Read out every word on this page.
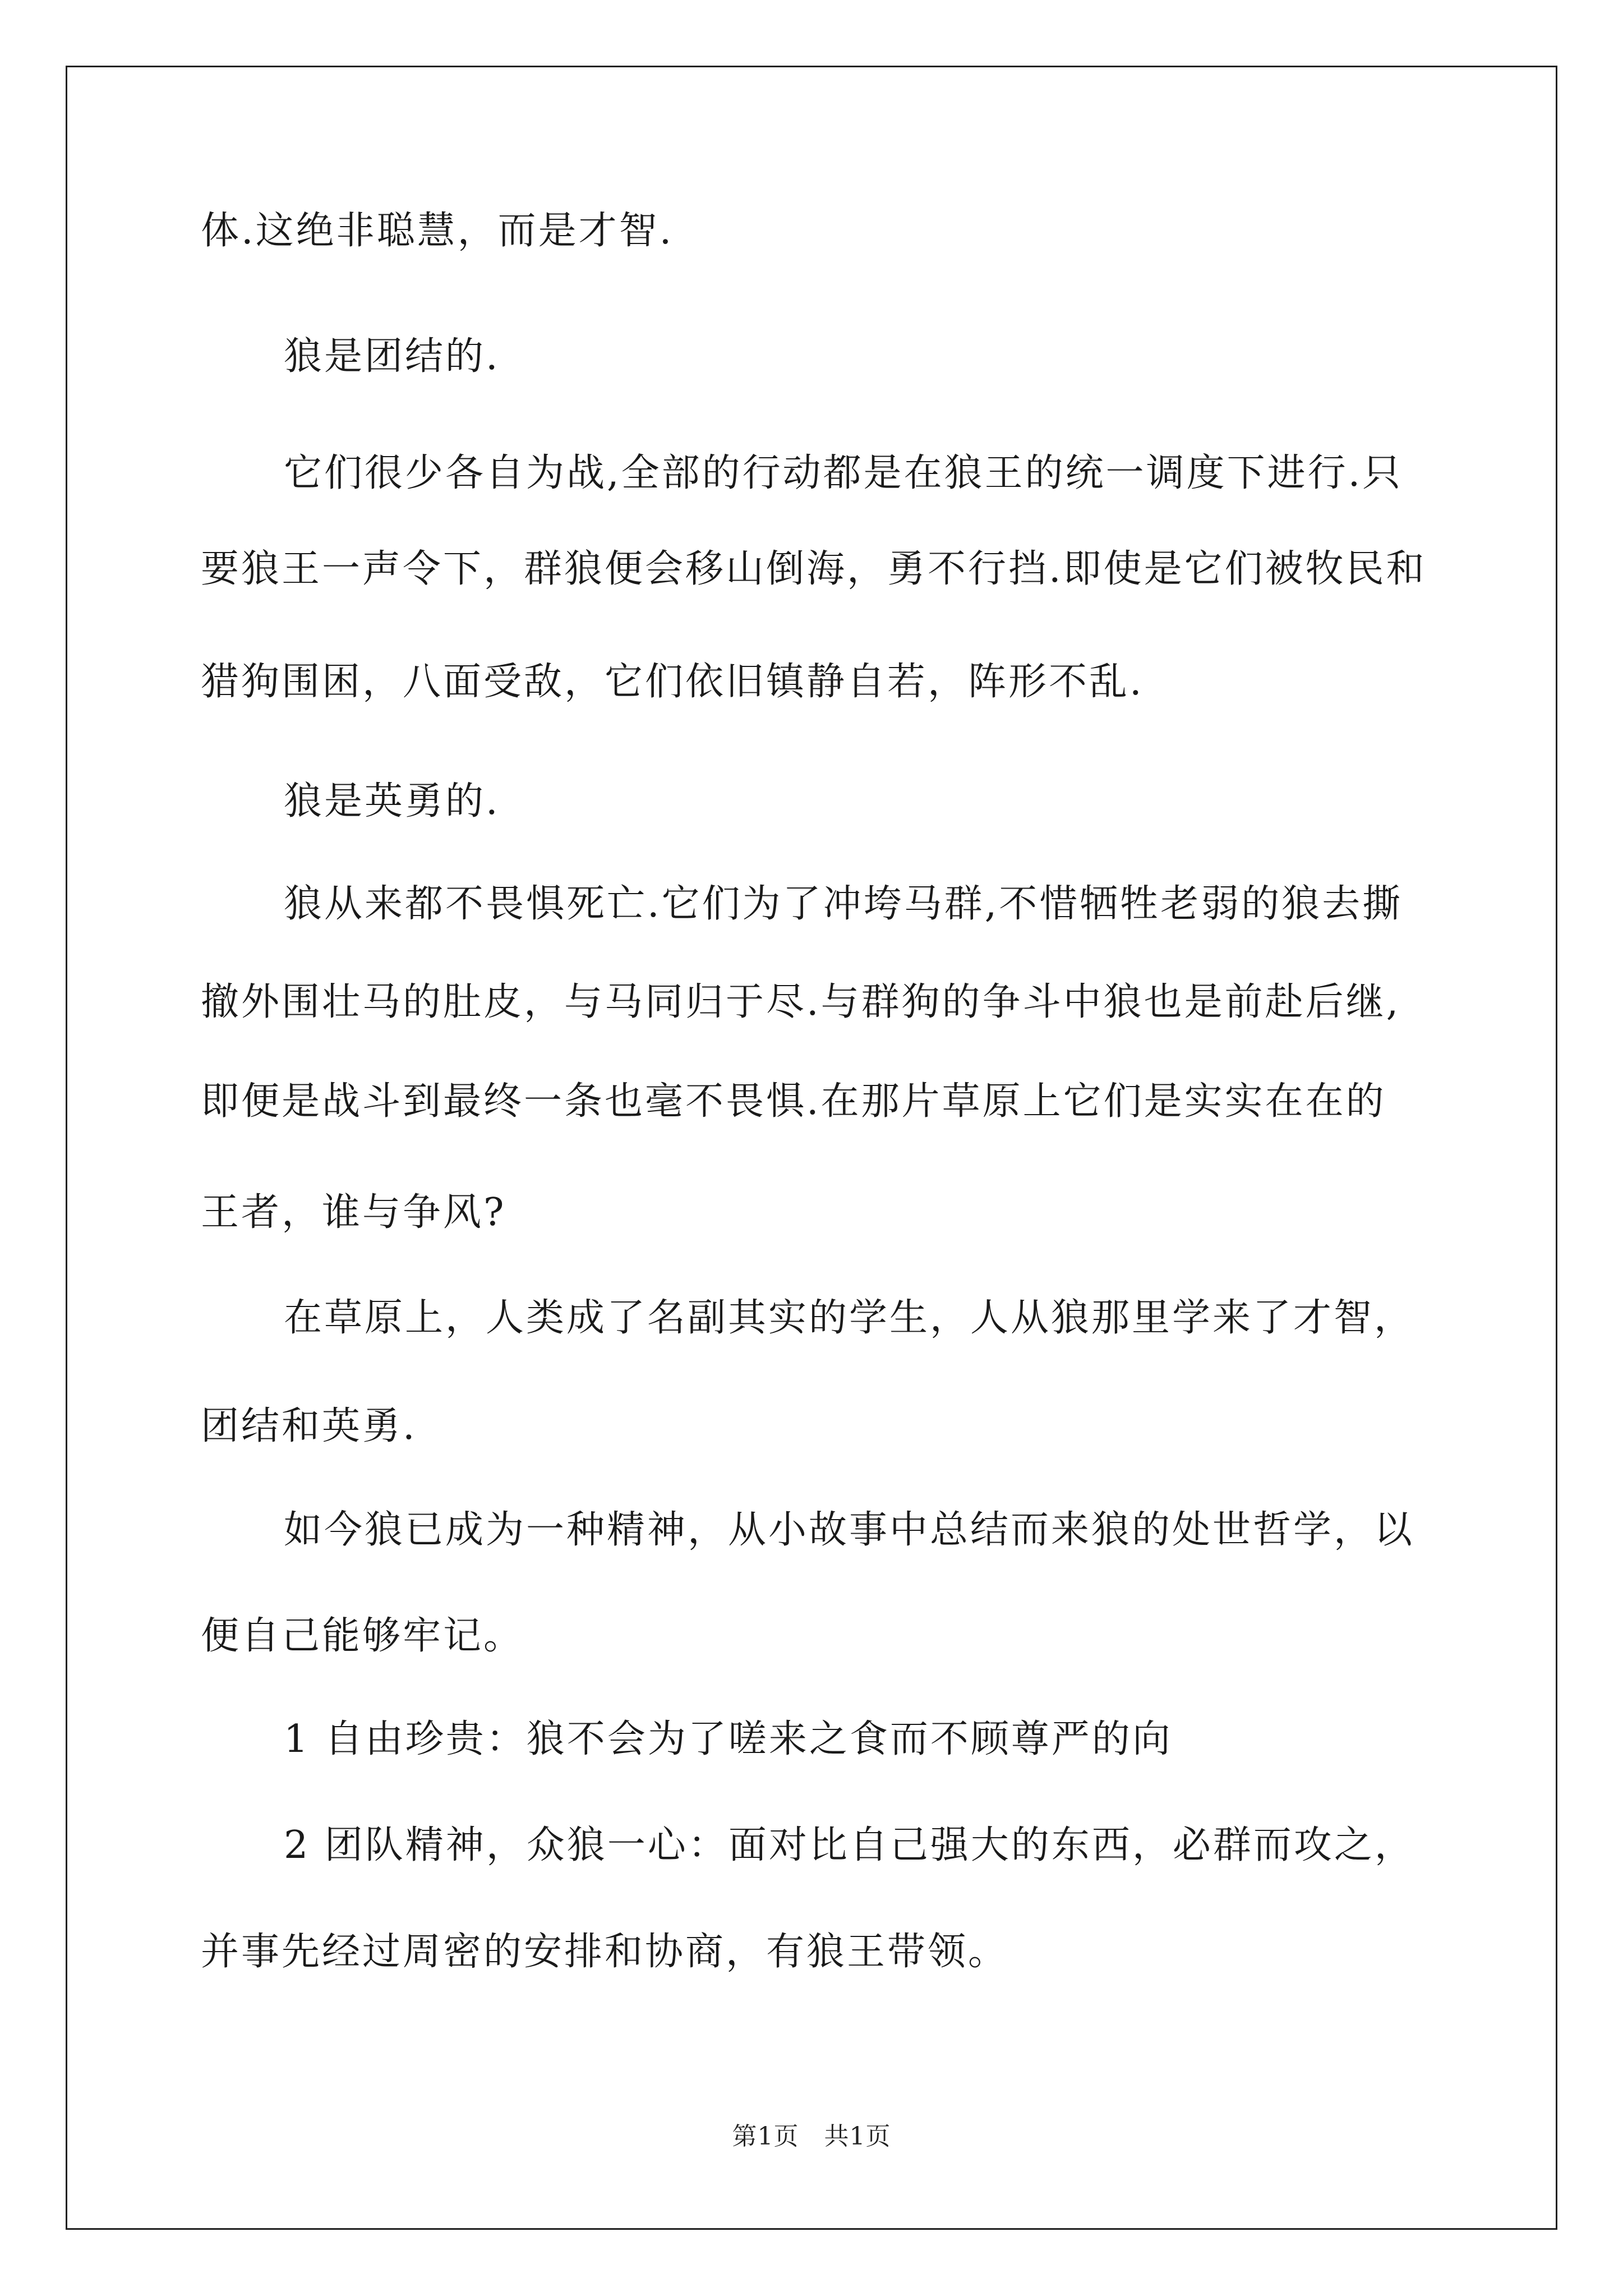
体.这绝非聪慧，而是才智.
狼是团结的.
它们很少各自为战,全部的行动都是在狼王的统一调度下进行.只
要狼王一声令下，群狼便会移山倒海，勇不行挡.即使是它们被牧民和
猎狗围困，八面受敌，它们依旧镇静自若，阵形不乱.
狼是英勇的.
狼从来都不畏惧死亡.它们为了冲垮马群,不惜牺牲老弱的狼去撕
撤外围壮马的肚皮，与马同归于尽.与群狗的争斗中狼也是前赴后继,
即便是战斗到最终一条也毫不畏惧.在那片草原上它们是实实在在的
王者，谁与争风?
在草原上，人类成了名副其实的学生，人从狼那里学来了才智，
团结和英勇.
如今狼已成为一种精神，从小故事中总结而来狼的处世哲学，以
便自己能够牢记。
1 自由珍贵：狼不会为了嗟来之食而不顾尊严的向
2 团队精神，众狼一心：面对比自己强大的东西，必群而攻之，
并事先经过周密的安排和协商，有狼王带领。
第1页　共1页
